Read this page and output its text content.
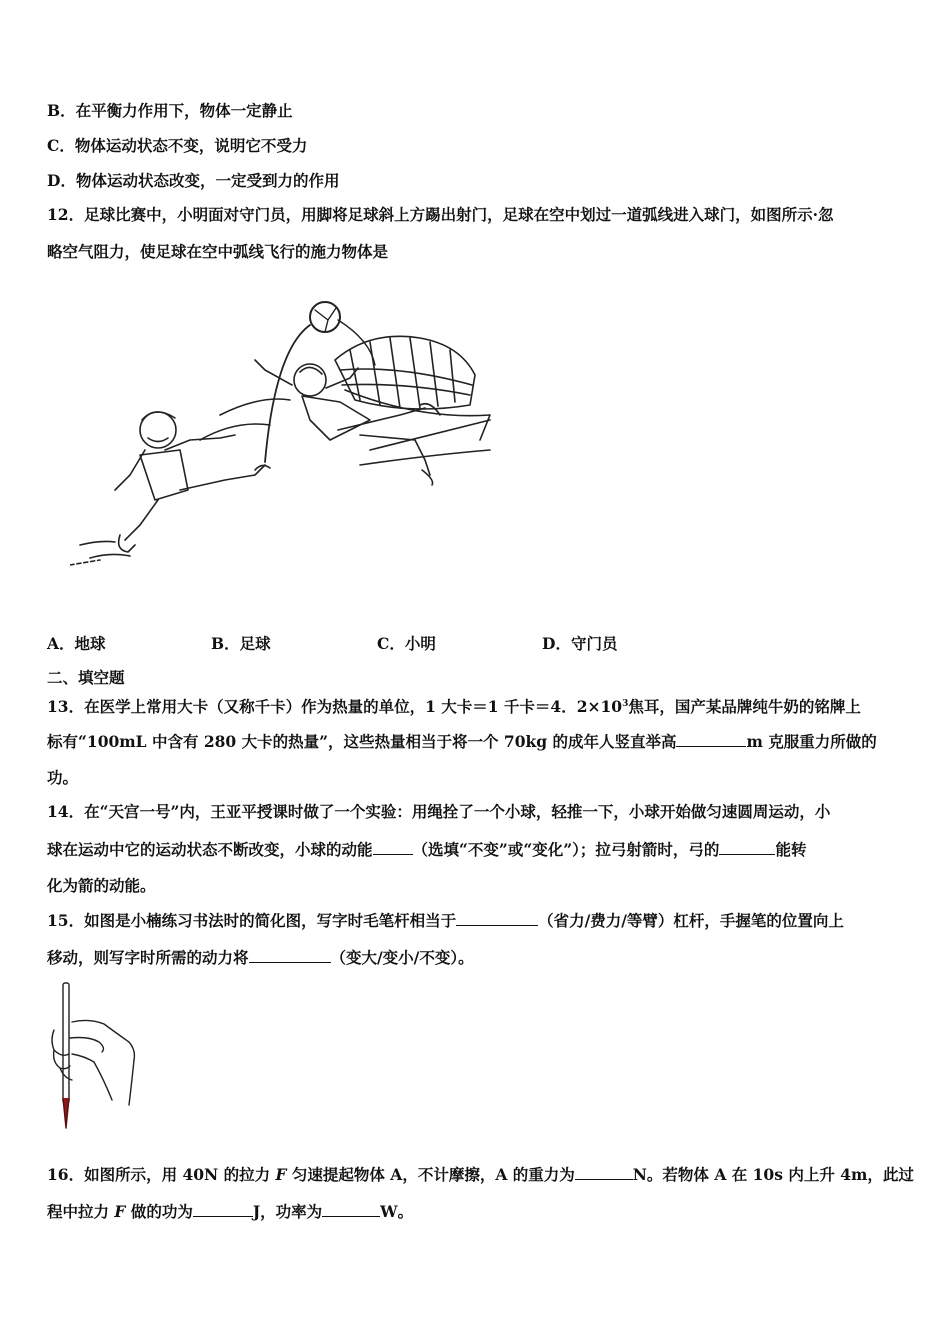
B．在平衡力作用下，物体一定静止
C．物体运动状态不变，说明它不受力
D．物体运动状态改变，一定受到力的作用
12．足球比赛中，小明面对守门员，用脚将足球斜上方踢出射门，足球在空中划过一道弧线进入球门，如图所示·忽
略空气阻力，使足球在空中弧线飞行的施力物体是
A．地球	B．足球	C．小明	D．守门员
二、填空题
13．在医学上常用大卡（又称千卡）作为热量的单位，1 大卡＝1 千卡＝4．$2\times 10^3$焦耳，国产某品牌纯牛奶的铭牌上
标有“100mL 中含有 280 大卡的热量”，这些热量相当于将一个 70kg 的成年人竖直举高	m 克服重力所做的
功。
14．在“天宫一号”内，王亚平授课时做了一个实验：用绳拴了一个小球，轻推一下，小球开始做匀速圆周运动，小
球在运动中它的运动状态不断改变，小球的动能	（选填“不变”或“变化”）；拉弓射箭时，弓的	能转
化为箭的动能。
15．如图是小楠练习书法时的简化图，写字时毛笔杆相当于	（省力/费力/等臂）杠杆，手握笔的位置向上
移动，则写字时所需的动力将	（变大/变小/不变）。
16．如图所示，用 40N 的拉力 F 匀速提起物体 A，不计摩擦，A 的重力为	N。若物体 A 在 10s 内上升 4m，此过
程中拉力 F 做的功为	J，功率为	W。
